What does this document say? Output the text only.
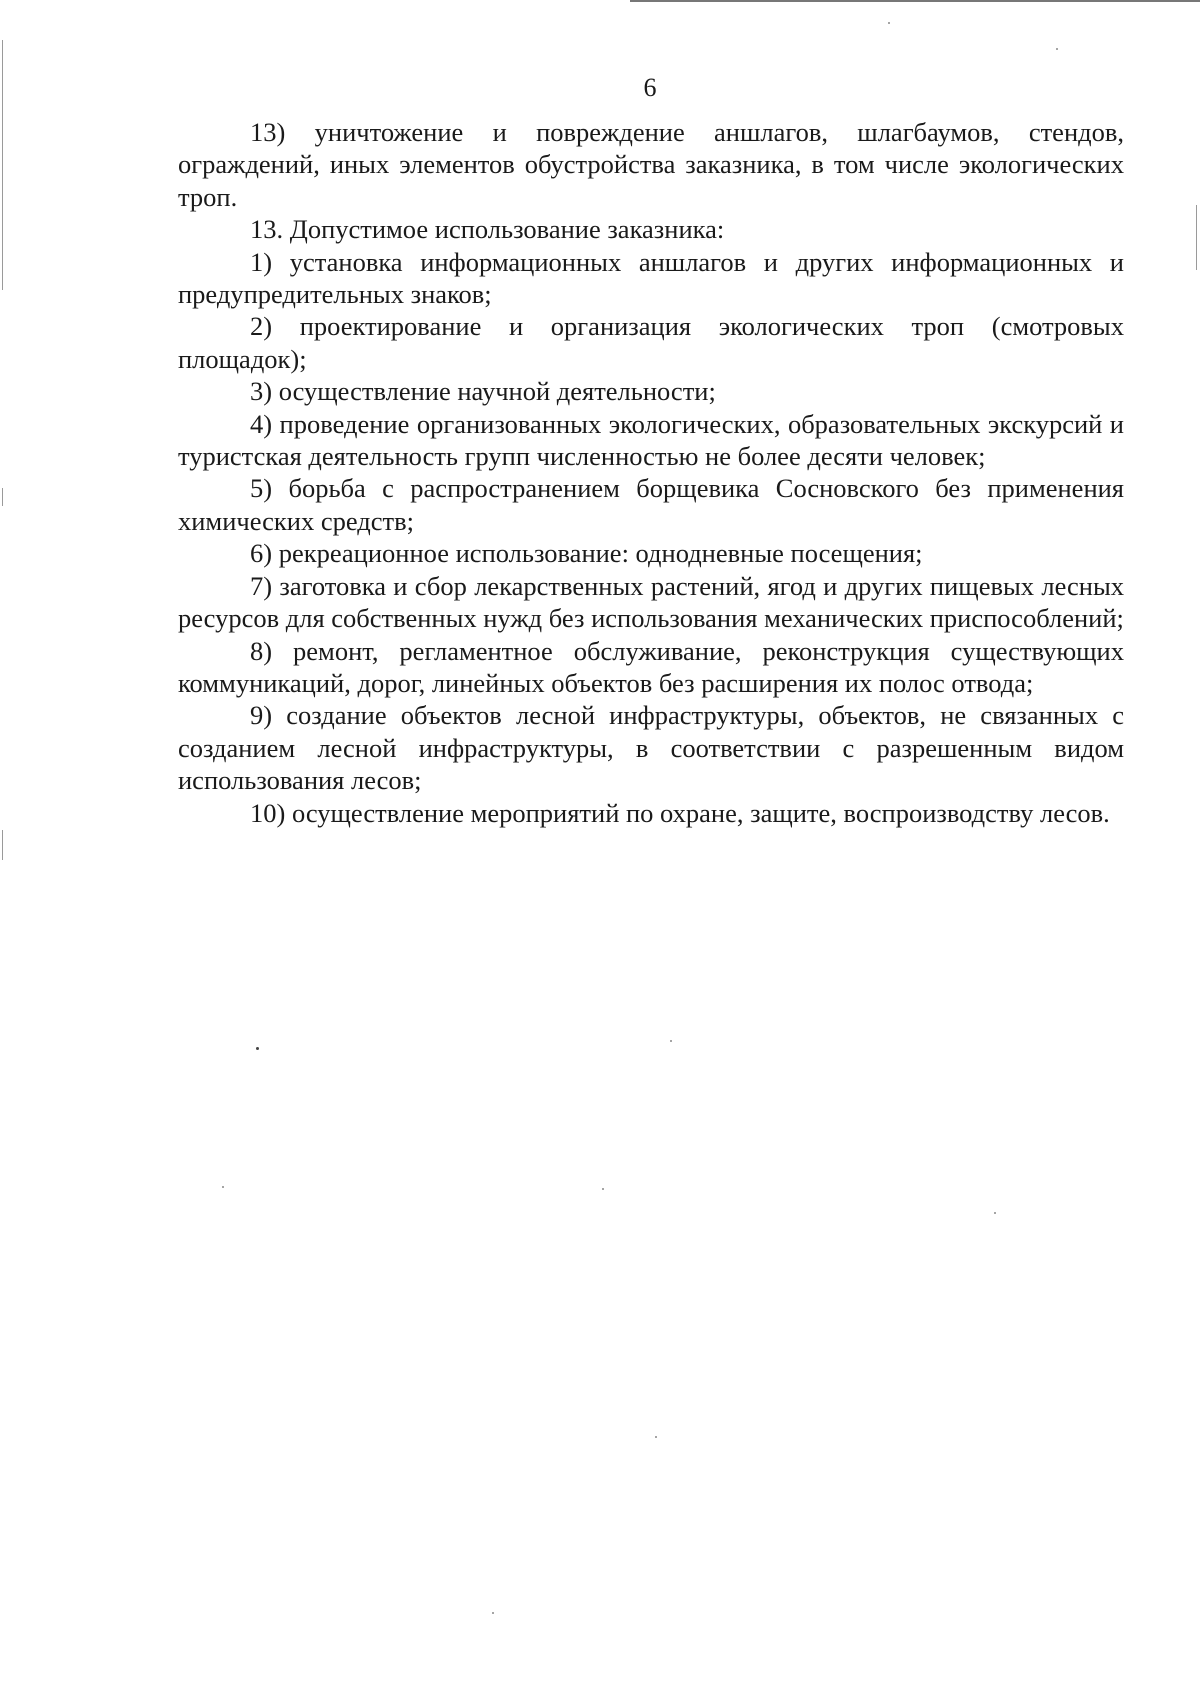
6

13) уничтожение и повреждение аншлагов, шлагбаумов, стендов, ограждений, иных элементов обустройства заказника, в том числе экологических троп.

13. Допустимое использование заказника:

1) установка информационных аншлагов и других информационных и предупредительных знаков;

2) проектирование и организация экологических троп (смотровых площадок);

3) осуществление научной деятельности;

4) проведение организованных экологических, образовательных экскурсий и туристская деятельность групп численностью не более десяти человек;

5) борьба с распространением борщевика Сосновского без применения химических средств;

6) рекреационное использование: однодневные посещения;

7) заготовка и сбор лекарственных растений, ягод и других пищевых лесных ресурсов для собственных нужд без использования механических приспособлений;

8) ремонт, регламентное обслуживание, реконструкция существующих коммуникаций, дорог, линейных объектов без расширения их полос отвода;

9) создание объектов лесной инфраструктуры, объектов, не связанных с созданием лесной инфраструктуры, в соответствии с разрешенным видом использования лесов;

10) осуществление мероприятий по охране, защите, воспроизводству лесов.
